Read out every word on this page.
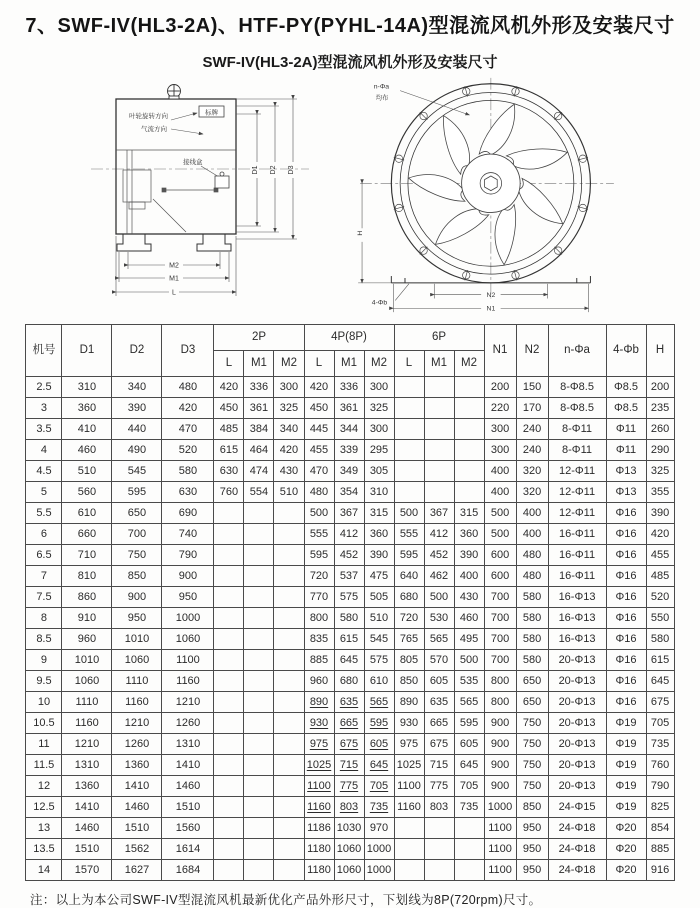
7、SWF-IV(HL3-2A)、HTF-PY(PYHL-14A)型混流风机外形及安装尺寸
SWF-IV(HL3-2A)型混流风机外形及安装尺寸
标牌
叶轮旋转方向
气流方向
接线盒
M2
M1
L
D1 D2 D3
n-Φa
均布
H
4-Φb
N2
N1
机号	D1	D2	D3	2P			4P(8P)			6P			N1	N2	n-Φa	4-Φb	H
				L	M1	M2	L	M1	M2	L	M1	M2					
2.5	310	340	480	420	336	300	420	336	300				200	150	8-Φ8.5	Φ8.5	200
3	360	390	420	450	361	325	450	361	325				220	170	8-Φ8.5	Φ8.5	235
3.5	410	440	470	485	384	340	445	344	300				300	240	8-Φ11	Φ11	260
4	460	490	520	615	464	420	455	339	295				300	240	8-Φ11	Φ11	290
4.5	510	545	580	630	474	430	470	349	305				400	320	12-Φ11	Φ13	325
5	560	595	630	760	554	510	480	354	310				400	320	12-Φ11	Φ13	355
5.5	610	650	690				500	367	315	500	367	315	500	400	12-Φ11	Φ16	390
6	660	700	740				555	412	360	555	412	360	500	400	16-Φ11	Φ16	420
6.5	710	750	790				595	452	390	595	452	390	600	480	16-Φ11	Φ16	455
7	810	850	900				720	537	475	640	462	400	600	480	16-Φ11	Φ16	485
7.5	860	900	950				770	575	505	680	500	430	700	580	16-Φ13	Φ16	520
8	910	950	1000				800	580	510	720	530	460	700	580	16-Φ13	Φ16	550
8.5	960	1010	1060				835	615	545	765	565	495	700	580	16-Φ13	Φ16	580
9	1010	1060	1100				885	645	575	805	570	500	700	580	20-Φ13	Φ16	615
9.5	1060	1110	1160				960	680	610	850	605	535	800	650	20-Φ13	Φ16	645
10	1110	1160	1210				890	635	565	890	635	565	800	650	20-Φ13	Φ16	675
10.5	1160	1210	1260				930	665	595	930	665	595	900	750	20-Φ13	Φ19	705
11	1210	1260	1310				975	675	605	975	675	605	900	750	20-Φ13	Φ19	735
11.5	1310	1360	1410				1025	715	645	1025	715	645	900	750	20-Φ13	Φ19	760
12	1360	1410	1460				1100	775	705	1100	775	705	900	750	20-Φ13	Φ19	790
12.5	1410	1460	1510				1160	803	735	1160	803	735	1000	850	24-Φ15	Φ19	825
13	1460	1510	1560				1186	1030	970				1100	950	24-Φ18	Φ20	854
13.5	1510	1562	1614				1180	1060	1000				1100	950	24-Φ18	Φ20	885
14	1570	1627	1684				1180	1060	1000				1100	950	24-Φ18	Φ20	916
注：以上为本公司SWF-IV型混流风机最新优化产品外形尺寸，下划线为8P(720rpm)尺寸。
